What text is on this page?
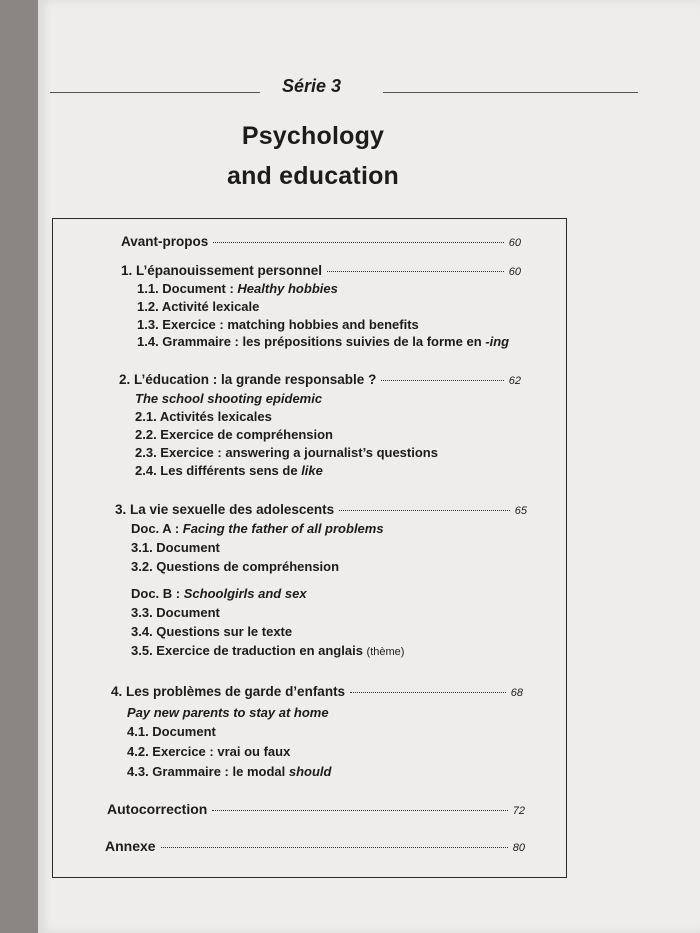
Série 3
Psychology
and education
Avant-propos	60
1. L’épanouissement personnel	60
1.1. Document : Healthy hobbies
1.2. Activité lexicale
1.3. Exercice : matching hobbies and benefits
1.4. Grammaire : les prépositions suivies de la forme en -ing
2. L’éducation : la grande responsable ?	62
The school shooting epidemic
2.1. Activités lexicales
2.2. Exercice de compréhension
2.3. Exercice : answering a journalist’s questions
2.4. Les différents sens de like
3. La vie sexuelle des adolescents	65
Doc. A : Facing the father of all problems
3.1. Document
3.2. Questions de compréhension
Doc. B : Schoolgirls and sex
3.3. Document
3.4. Questions sur le texte
3.5. Exercice de traduction en anglais (thème)
4. Les problèmes de garde d’enfants	68
Pay new parents to stay at home
4.1. Document
4.2. Exercice : vrai ou faux
4.3. Grammaire : le modal should
Autocorrection	72
Annexe	80
